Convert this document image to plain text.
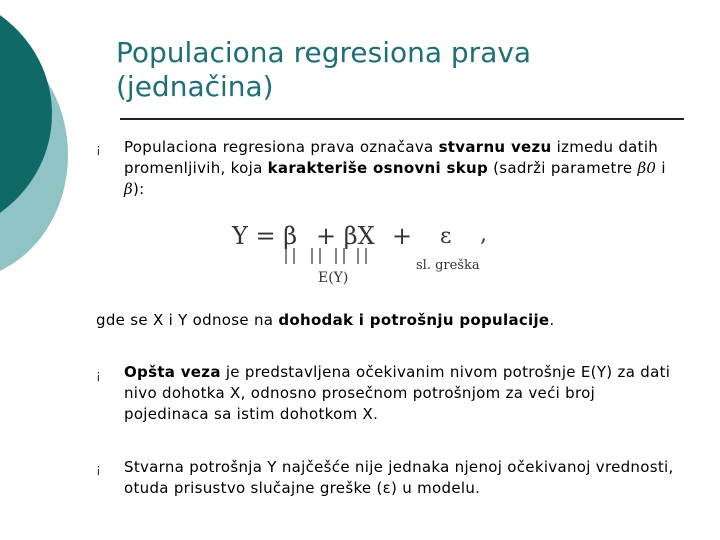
Populaciona regresiona prava
(jednačina)
¡ Populaciona regresiona prava označava stvarnu vezu izmedu datih promenljivih, koja karakteriše osnovni skup (sadrži parametre β0 i β):
Y = β + βX + ε ,
E(Y)
sl. greška
gde se X i Y odnose na dohodak i potrošnju populacije.
¡ Opšta veza je predstavljena očekivanim nivom potrošnje E(Y) za dati nivo dohotka X, odnosno prosečnom potrošnjom za veći broj pojedinaca sa istim dohotkom X.
¡ Stvarna potrošnja Y najčešće nije jednaka njenoj očekivanoj vrednosti, otuda prisustvo slučajne greške (ε) u modelu.
